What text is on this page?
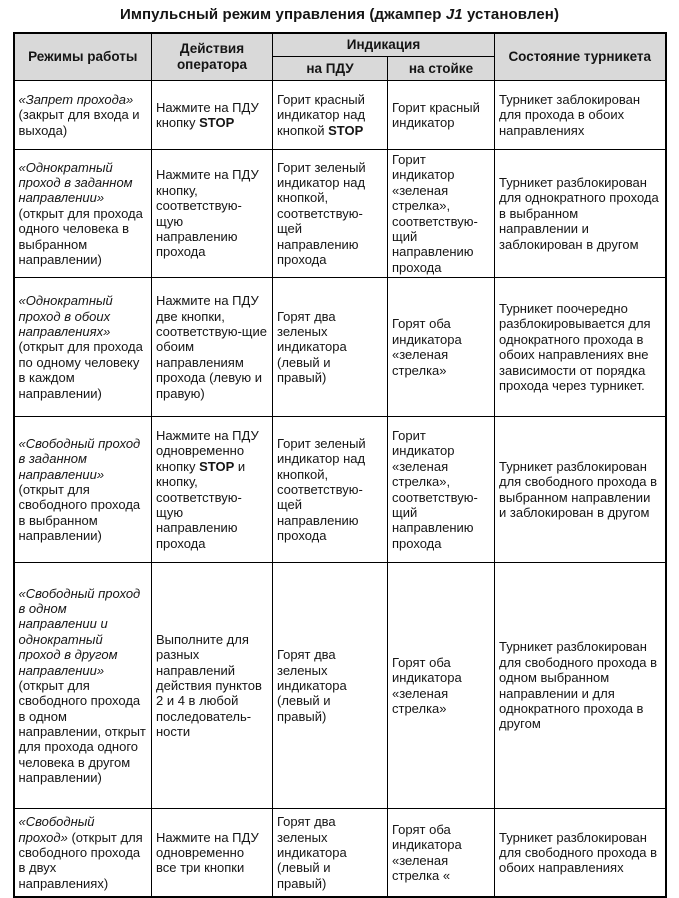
Импульсный режим управления (джампер J1 установлен)

Режимы работы	Действия оператора	Индикация		Состояние турникета
		на ПДУ	на стойке	
«Запрет прохода» (закрыт для входа и выхода)	Нажмите на ПДУ кнопку STOP	Горит красный индикатор над кнопкой STOP	Горит красный индикатор	Турникет заблокирован для прохода в обоих направлениях
«Однократный проход в заданном направлении» (открыт для прохода одного человека в выбранном направлении)	Нажмите на ПДУ кнопку, соответствую-щую направлению прохода	Горит зеленый индикатор над кнопкой, соответствую-щей направлению прохода	Горит индикатор «зеленая стрелка», соответствую-щий направлению прохода	Турникет разблокирован для однократного прохода в выбранном направлении и заблокирован в другом
«Однократный проход в обоих направлениях» (открыт для прохода по одному человеку в каждом направлении)	Нажмите на ПДУ две кнопки, соответствую-щие обоим направлениям прохода (левую и правую)	Горят два зеленых индикатора (левый и правый)	Горят оба индикатора «зеленая стрелка»	Турникет поочередно разблокировывается для однократного прохода в обоих направлениях вне зависимости от порядка прохода через турникет.
«Свободный проход в заданном направлении» (открыт для свободного прохода в выбранном направлении)	Нажмите на ПДУ одновременно кнопку STOP и кнопку, соответствую-щую направлению прохода	Горит зеленый индикатор над кнопкой, соответствую-щей направлению прохода	Горит индикатор «зеленая стрелка», соответствую-щий направлению прохода	Турникет разблокирован для свободного прохода в выбранном направлении и заблокирован в другом
«Свободный проход в одном направлении и однократный проход в другом направлении» (открыт для свободного прохода в одном направлении, открыт для прохода одного человека в другом направлении)	Выполните для разных направлений действия пунктов 2 и 4 в любой последователь-ности	Горят два зеленых индикатора (левый и правый)	Горят оба индикатора «зеленая стрелка»	Турникет разблокирован для свободного прохода в одном выбранном направлении и для однократного прохода в другом
«Свободный проход» (открыт для свободного прохода в двух направлениях)	Нажмите на ПДУ одновременно все три кнопки	Горят два зеленых индикатора (левый и правый)	Горят оба индикатора «зеленая стрелка «	Турникет разблокирован для свободного прохода в обоих направлениях
